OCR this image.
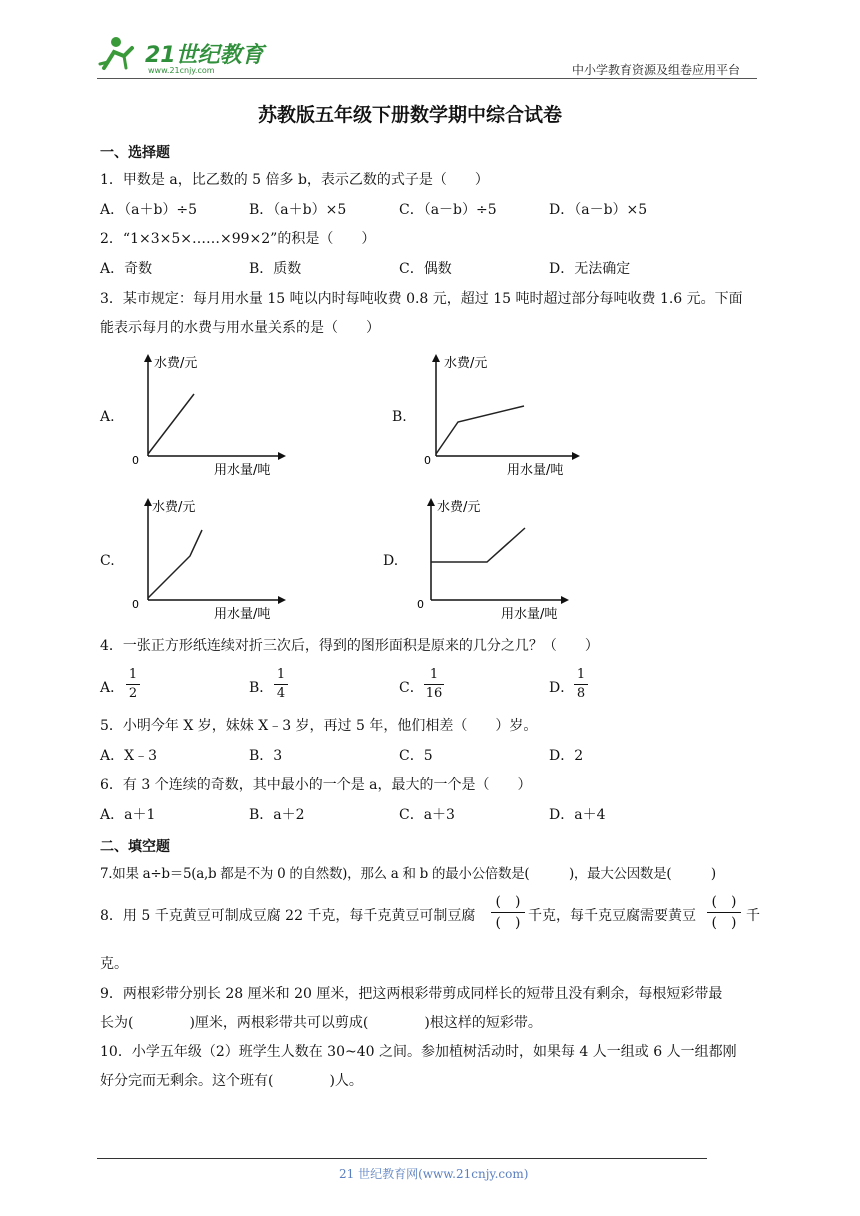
21世纪教育
www.21cnjy.com	中小学教育资源及组卷应用平台
苏教版五年级下册数学期中综合试卷
一、选择题
1．甲数是 a，比乙数的 5 倍多 b，表示乙数的式子是（　　）
A．（a＋b）÷5	B．（a＋b）×5	C．（a－b）÷5	D．（a－b）×5
2．“1×3×5×……×99×2”的积是（　　）
A．奇数	B．质数	C．偶数	D．无法确定
3．某市规定：每月用水量 15 吨以内时每吨收费 0.8 元，超过 15 吨时超过部分每吨收费 1.6 元。下面
能表示每月的水费与用水量关系的是（　　）
A.	B.
C.	D.
水费/元
用水量/吨
0
水费/元
用水量/吨
0
水费/元
用水量/吨
0
水费/元
用水量/吨
0
4．一张正方形纸连续对折三次后，得到的图形面积是原来的几分之几？（　　）
A．
1
2	B．
1
4	C．
1
16	D．
1
8
5．小明今年 X 岁，妹妹 X﹣3 岁，再过 5 年，他们相差（　　）岁。
A．X﹣3	B．3	C．5	D．2
6．有 3 个连续的奇数，其中最小的一个是 a，最大的一个是（　　）
A．a＋1	B．a＋2	C．a＋3	D．a＋4
二、填空题
7.如果 a÷b＝5(a,b 都是不为 0 的自然数)，那么 a 和 b 的最小公倍数是(　　　)，最大公因数是(　　　)
8．用 5 千克黄豆可制成豆腐 22 千克，每千克黄豆可制豆腐
(　)
(　) 千克，每千克豆腐需要黄豆
(　)
(　) 千
克。
9．两根彩带分别长 28 厘米和 20 厘米，把这两根彩带剪成同样长的短带且没有剩余，每根短彩带最
长为(　　　　)厘米，两根彩带共可以剪成(　　　　)根这样的短彩带。
10．小学五年级（2）班学生人数在 30~40 之间。参加植树活动时，如果每 4 人一组或 6 人一组都刚
好分完而无剩余。这个班有(　　　　)人。
21 世纪教育网(www.21cnjy.com)
